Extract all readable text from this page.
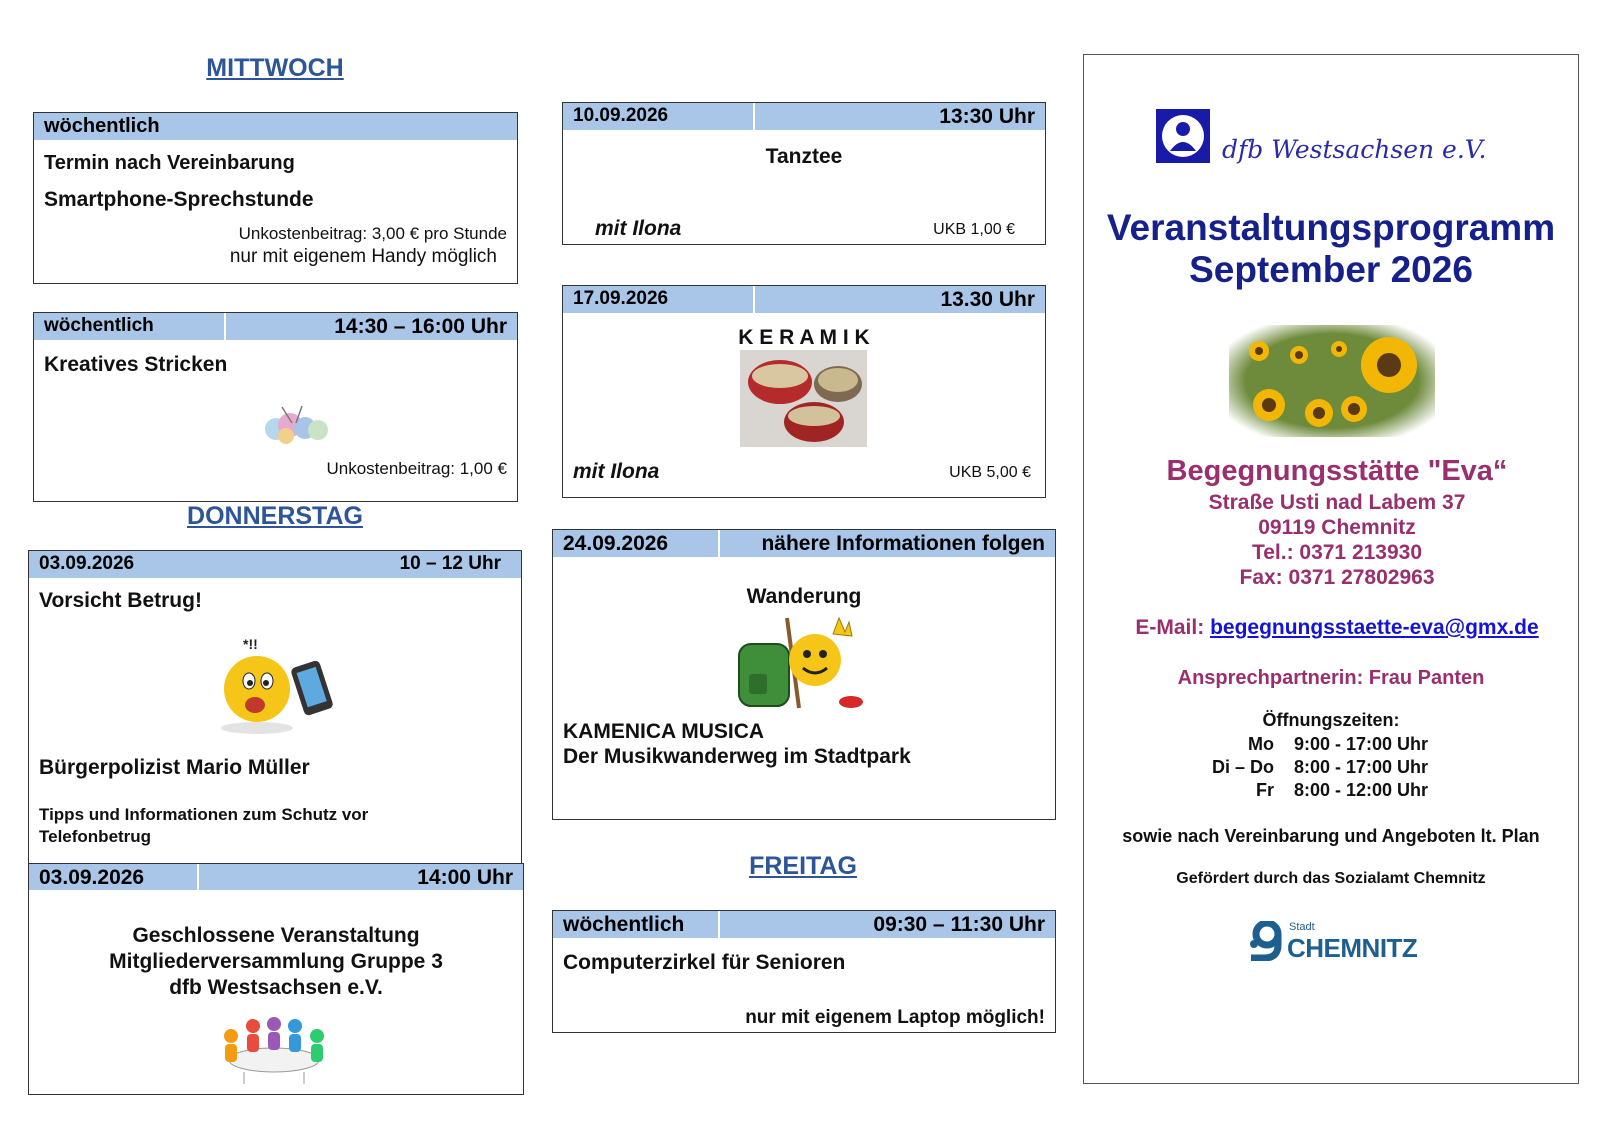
MITTWOCH
wöchentlich
Termin nach Vereinbarung
Smartphone-Sprechstunde
Unkostenbeitrag: 3,00 € pro Stunde
nur mit eigenem Handy möglich
wöchentlich	14:30 – 16:00 Uhr
Kreatives Stricken
Unkostenbeitrag: 1,00 €
DONNERSTAG
03.09.2026	10 – 12 Uhr
Vorsicht Betrug!
*!!
Bürgerpolizist Mario Müller
Tipps und Informationen zum Schutz vor
Telefonbetrug
03.09.2026	14:00 Uhr
Geschlossene Veranstaltung
Mitgliederversammlung Gruppe 3
dfb Westsachsen e.V.
10.09.2026	13:30 Uhr
Tanztee
mit Ilona	UKB 1,00 €
17.09.2026	13.30 Uhr
K E R A M I K
mit Ilona	UKB 5,00 €
24.09.2026	nähere Informationen folgen
Wanderung
KAMENICA MUSICA
Der Musikwanderweg im Stadtpark
FREITAG
wöchentlich	09:30 – 11:30 Uhr
Computerzirkel für Senioren
nur mit eigenem Laptop möglich!
dfb Westsachsen e.V.
Veranstaltungsprogramm
September 2026
Begegnungsstätte "Eva“
Straße Usti nad Labem 37
09119 Chemnitz
Tel.: 0371 213930
Fax: 0371 27802963
E-Mail: begegnungsstaette-eva@gmx.de
Ansprechpartnerin: Frau Panten
Öffnungszeiten:
Mo 9:00 - 17:00 Uhr
Di – Do 8:00 - 17:00 Uhr
Fr 8:00 - 12:00 Uhr
sowie nach Vereinbarung und Angeboten lt. Plan
Gefördert durch das Sozialamt Chemnitz
Stadt
CHEMNITZ
